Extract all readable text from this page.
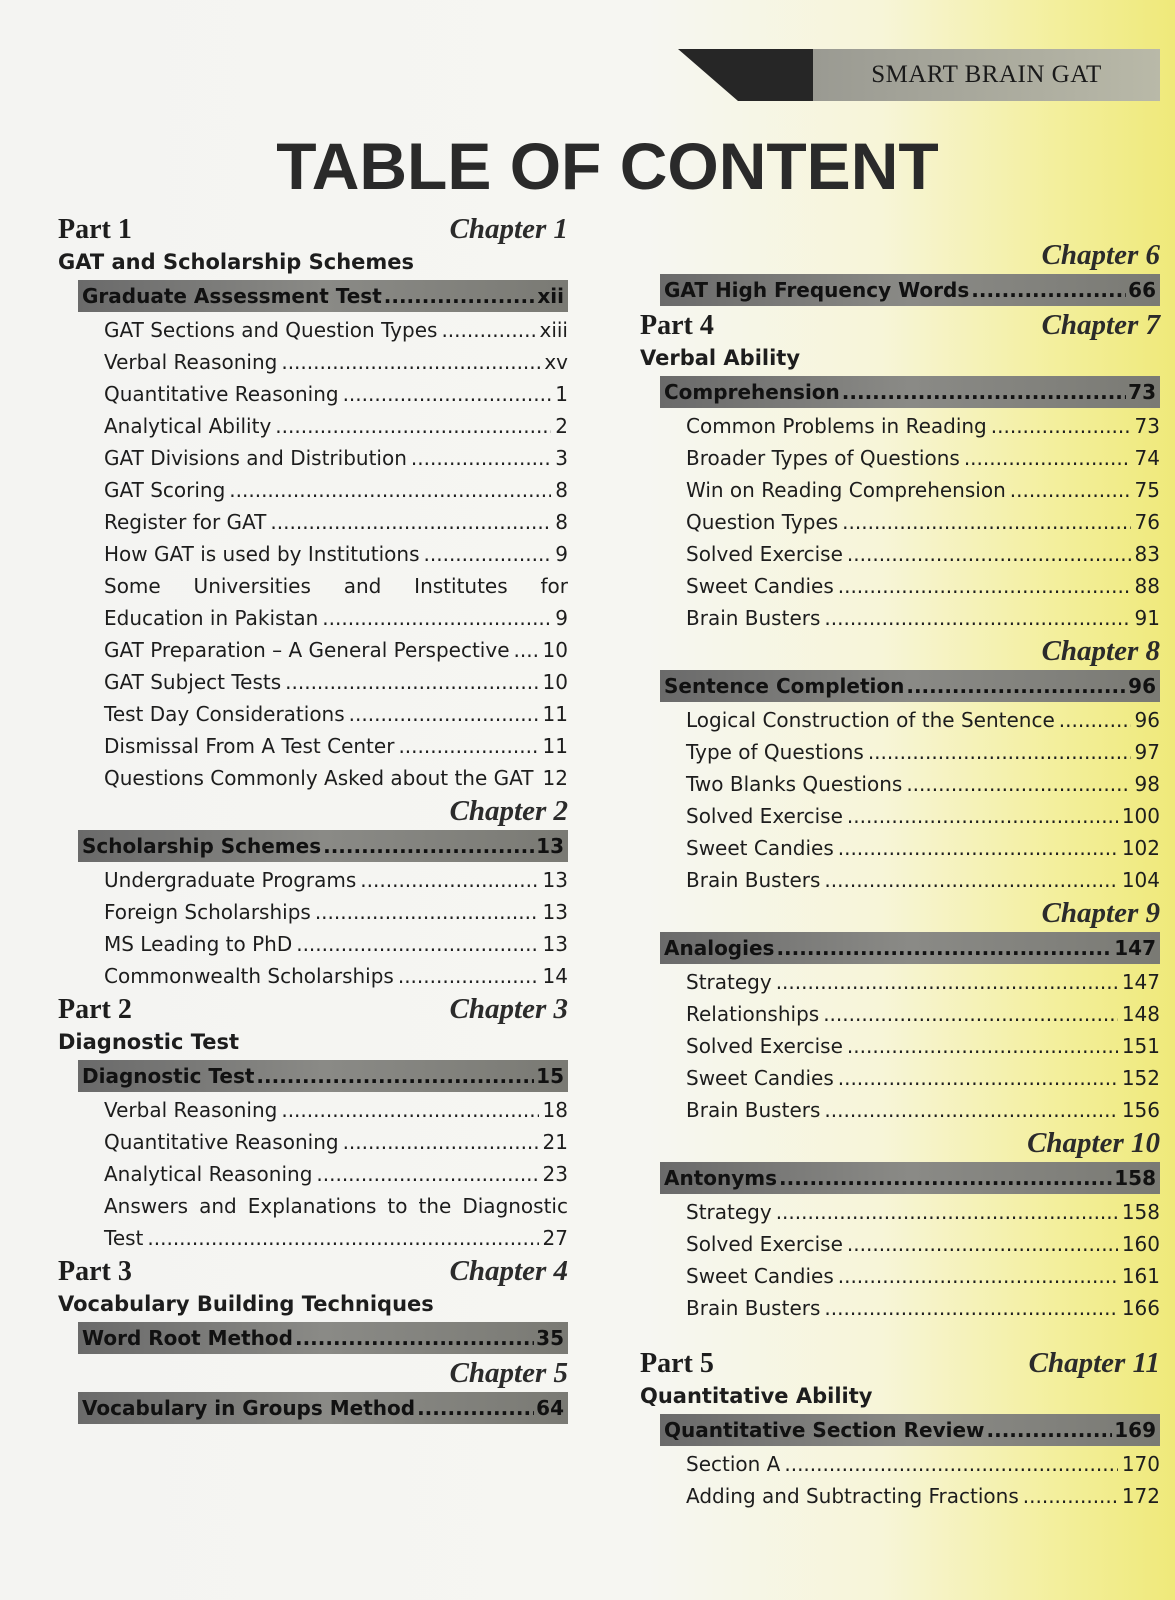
SMART BRAIN GAT
TABLE OF CONTENT
Part 1	Chapter 1
GAT and Scholarship Schemes
Graduate Assessment Test .....	xii
GAT Sections and Question Types .....	xiii
Verbal Reasoning .....	xv
Quantitative Reasoning .....	1
Analytical Ability .....	2
GAT Divisions and Distribution .....	3
GAT Scoring .....	8
Register for GAT .....	8
How GAT is used by Institutions .....	9
Some Universities and Institutes for
Education in Pakistan .....	9
GAT Preparation – A General Perspective ..... 10
GAT Subject Tests .....	10
Test Day Considerations .....	11
Dismissal From A Test Center .....	11
Questions Commonly Asked about the GAT ..... 12
Chapter 2
Scholarship Schemes .....	13
Undergraduate Programs .....	13
Foreign Scholarships .....	13
MS Leading to PhD .....	13
Commonwealth Scholarships .....	14
Part 2	Chapter 3
Diagnostic Test
Diagnostic Test .....	15
Verbal Reasoning .....	18
Quantitative Reasoning .....	21
Analytical Reasoning .....	23
Answers and Explanations to the Diagnostic
Test .....	27
Part 3	Chapter 4
Vocabulary Building Techniques
Word Root Method .....	35
Chapter 5
Vocabulary in Groups Method .....	64
Chapter 6
GAT High Frequency Words .....	66
Part 4	Chapter 7
Verbal Ability
Comprehension .....	73
Common Problems in Reading .....	73
Broader Types of Questions .....	74
Win on Reading Comprehension .....	75
Question Types .....	76
Solved Exercise .....	83
Sweet Candies .....	88
Brain Busters .....	91
Chapter 8
Sentence Completion .....	96
Logical Construction of the Sentence .....	96
Type of Questions .....	97
Two Blanks Questions .....	98
Solved Exercise .....	100
Sweet Candies .....	102
Brain Busters .....	104
Chapter 9
Analogies .....	147
Strategy .....	147
Relationships .....	148
Solved Exercise .....	151
Sweet Candies .....	152
Brain Busters .....	156
Chapter 10
Antonyms .....	158
Strategy .....	158
Solved Exercise .....	160
Sweet Candies .....	161
Brain Busters .....	166
Part 5	Chapter 11
Quantitative Ability
Quantitative Section Review .....	169
Section A .....	170
Adding and Subtracting Fractions .....	172
